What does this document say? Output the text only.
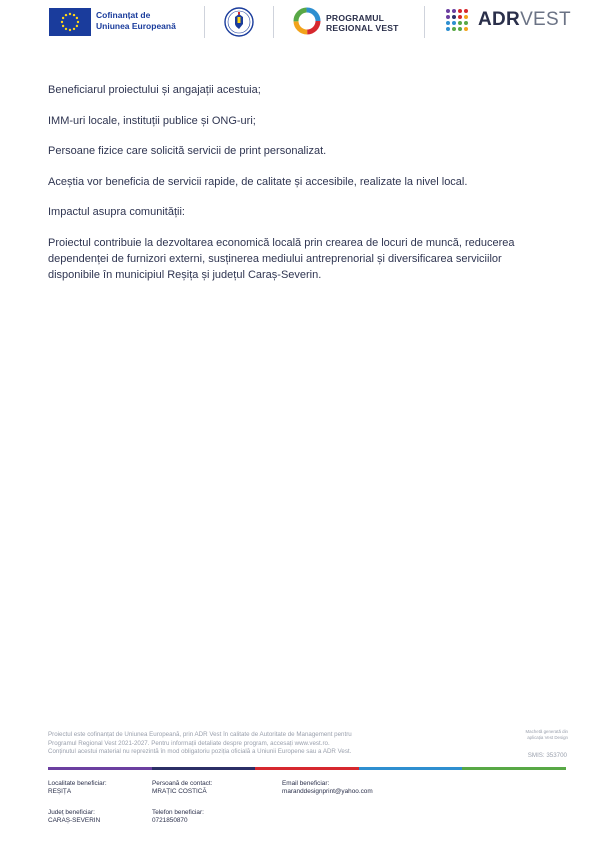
Cofinanțat de
Uniunea Europeană
PROGRAMUL
REGIONAL VEST	ADRVEST

Beneficiarul proiectului și angajații acestuia;

IMM-uri locale, instituții publice și ONG-uri;

Persoane fizice care solicită servicii de print personalizat.

Aceștia vor beneficia de servicii rapide, de calitate și accesibile, realizate la nivel local.

Impactul asupra comunității:

Proiectul contribuie la dezvoltarea economică locală prin crearea de locuri de muncă, reducerea dependenței de furnizori externi, susținerea mediului antreprenorial și diversificarea serviciilor disponibile în municipiul Reșița și județul Caraș-Severin.

Proiectul este cofinanțat de Uniunea Europeană, prin ADR Vest în calitate de Autoritate de Management pentru
Programul Regional Vest 2021-2027. Pentru informații detaliate despre program, accesați www.vest.ro.
Conținutul acestui material nu reprezintă în mod obligatoriu poziția oficială a Uniunii Europene sau a ADR Vest.
Machetă generată din
aplicația Vest Design
SMIS: 353700
Localitate beneficiar:
REȘIȚA
Persoană de contact:
MRAȚIC COSTICĂ
Email beneficiar:
maranddesignprint@yahoo.com
Județ beneficiar:
CARAȘ-SEVERIN
Telefon beneficiar:
0721850870
